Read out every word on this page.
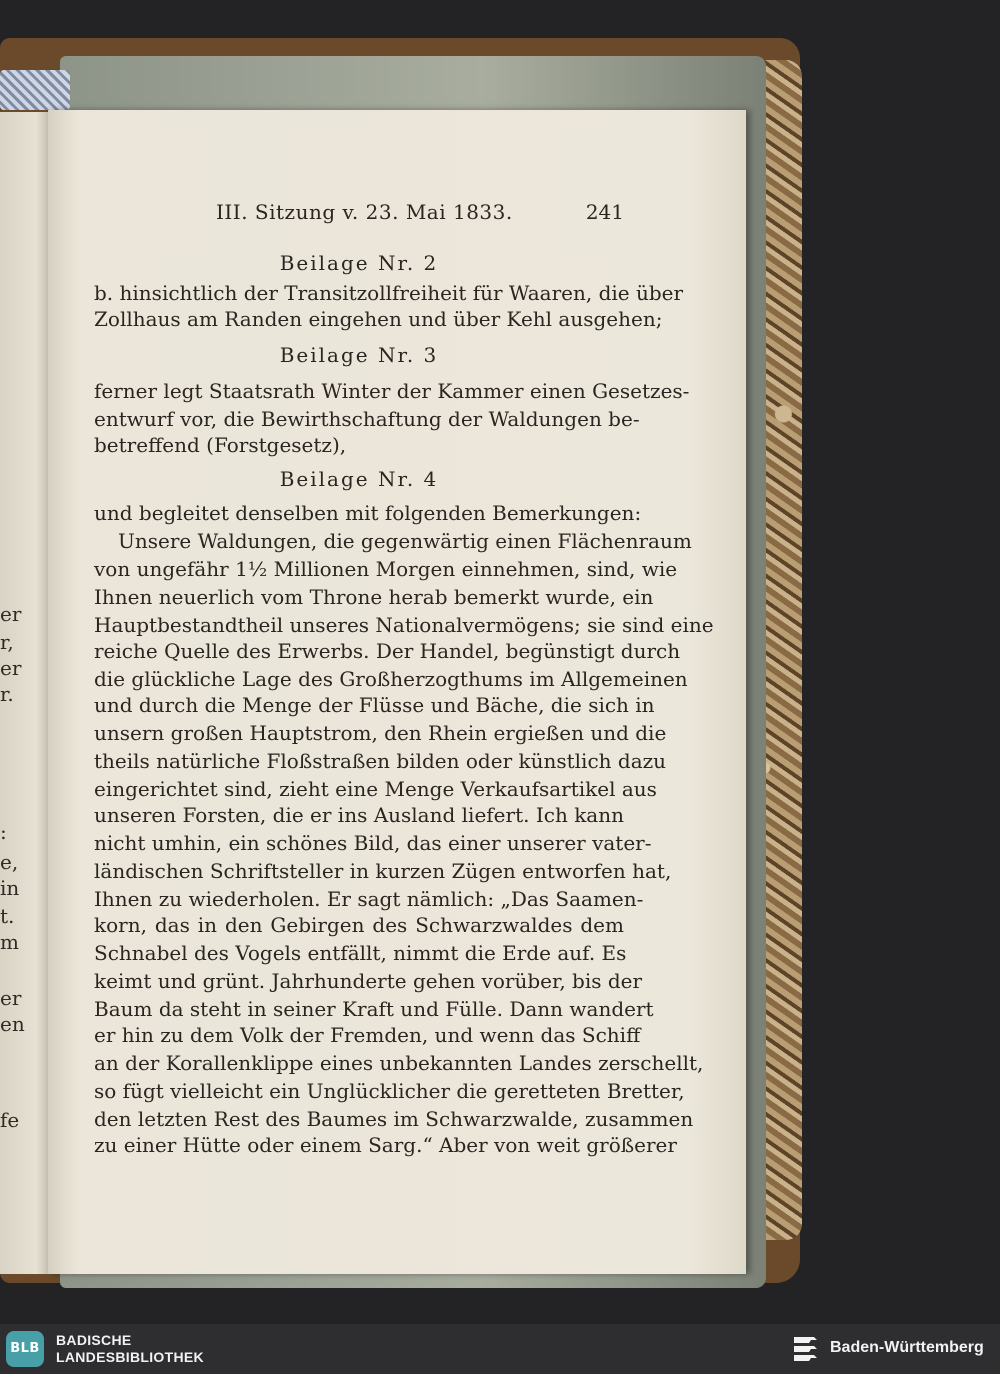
er
r,
er
r.
:
e,
in
t.
m
er
en
fe
III. Sitzung v. 23. Mai 1833.	241
Beilage Nr. 2
b. hinsichtlich der Transitzollfreiheit für Waaren, die über
Zollhaus am Randen eingehen und über Kehl ausgehen;
Beilage Nr. 3
ferner legt Staatsrath Winter der Kammer einen Gesetzes-
entwurf vor, die Bewirthschaftung der Waldungen be-
betreffend (Forstgesetz),
Beilage Nr. 4
und begleitet denselben mit folgenden Bemerkungen:
Unsere Waldungen, die gegenwärtig einen Flächenraum
von ungefähr 1½ Millionen Morgen einnehmen, sind, wie
Ihnen neuerlich vom Throne herab bemerkt wurde, ein
Hauptbestandtheil unseres Nationalvermögens; sie sind eine
reiche Quelle des Erwerbs. Der Handel, begünstigt durch
die glückliche Lage des Großherzogthums im Allgemeinen
und durch die Menge der Flüsse und Bäche, die sich in
unsern großen Hauptstrom, den Rhein ergießen und die
theils natürliche Floßstraßen bilden oder künstlich dazu
eingerichtet sind, zieht eine Menge Verkaufsartikel aus
unseren Forsten, die er ins Ausland liefert. Ich kann
nicht umhin, ein schönes Bild, das einer unserer vater-
ländischen Schriftsteller in kurzen Zügen entworfen hat,
Ihnen zu wiederholen. Er sagt nämlich: „Das Saamen-
korn, das in den Gebirgen des Schwarzwaldes dem
Schnabel des Vogels entfällt, nimmt die Erde auf. Es
keimt und grünt. Jahrhunderte gehen vorüber, bis der
Baum da steht in seiner Kraft und Fülle. Dann wandert
er hin zu dem Volk der Fremden, und wenn das Schiff
an der Korallenklippe eines unbekannten Landes zerschellt,
so fügt vielleicht ein Unglücklicher die geretteten Bretter,
den letzten Rest des Baumes im Schwarzwalde, zusammen
zu einer Hütte oder einem Sarg.“ Aber von weit größerer
BLB
BADISCHE
LANDESBIBLIOTHEK
Baden-Württemberg
